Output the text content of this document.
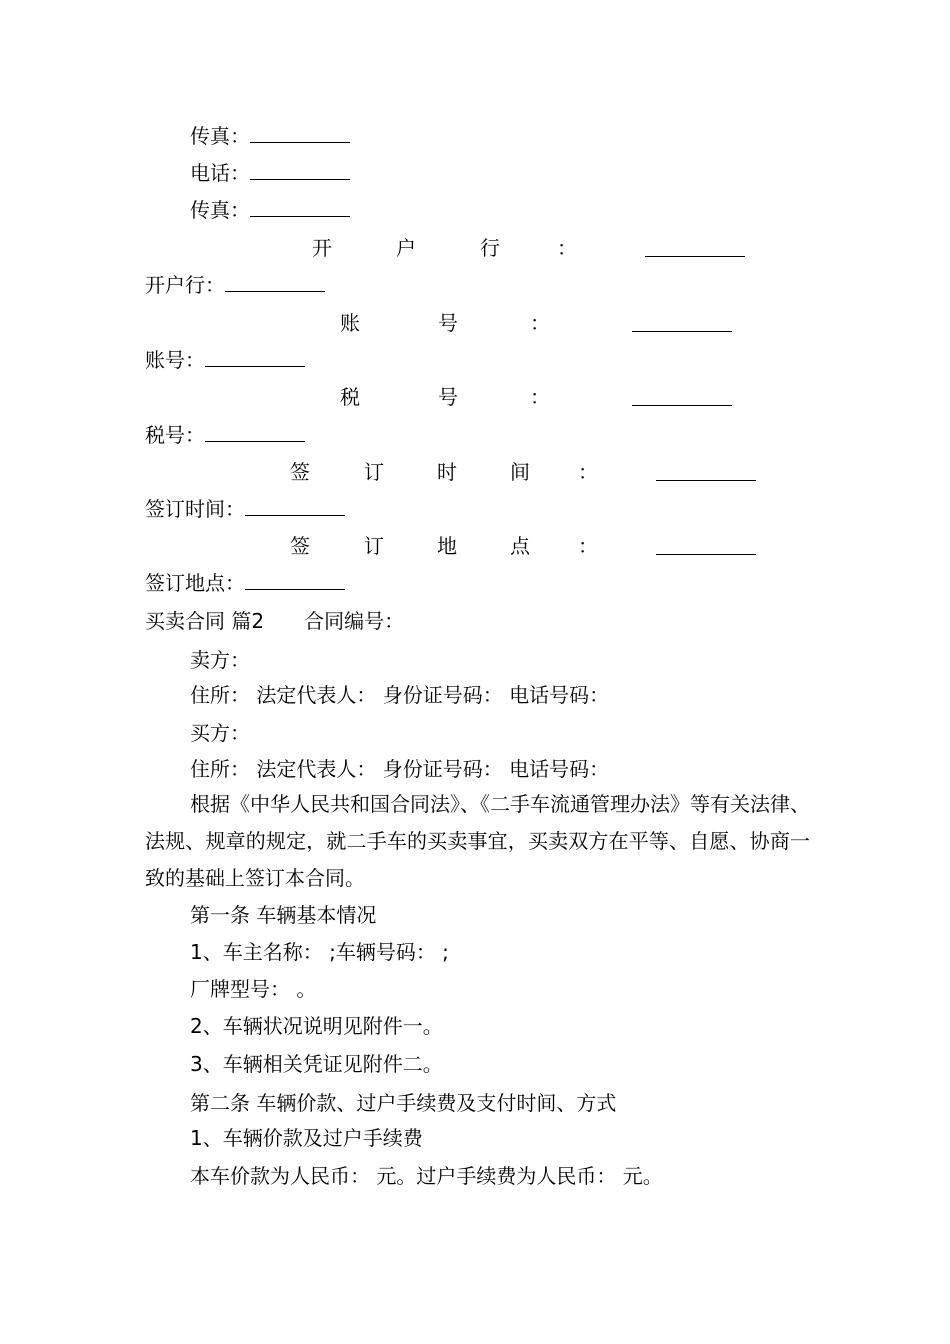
传真：
电话：
传真：
开	户	行	：
开户行：
账	号	：
账号：
税	号	：
税号：
签	订	时	间 ：
签订时间：
签	订	地	点 ：
签订地点：
买卖合同 篇2 合同编号：
卖方：
住所： 法定代表人： 身份证号码： 电话号码：
买方：
住所： 法定代表人： 身份证号码： 电话号码：
根据《中华人民共和国合同法》、《二手车流通管理办法》等有关法律、法规、规章的规定，就二手车的买卖事宜，买卖双方在平等、自愿、协商一致的基础上签订本合同。
第一条 车辆基本情况
1、车主名称： ;车辆号码： ;
厂牌型号： 。
2、车辆状况说明见附件一。
3、车辆相关凭证见附件二。
第二条 车辆价款、过户手续费及支付时间、方式
1、车辆价款及过户手续费
本车价款为人民币： 元。过户手续费为人民币： 元。
